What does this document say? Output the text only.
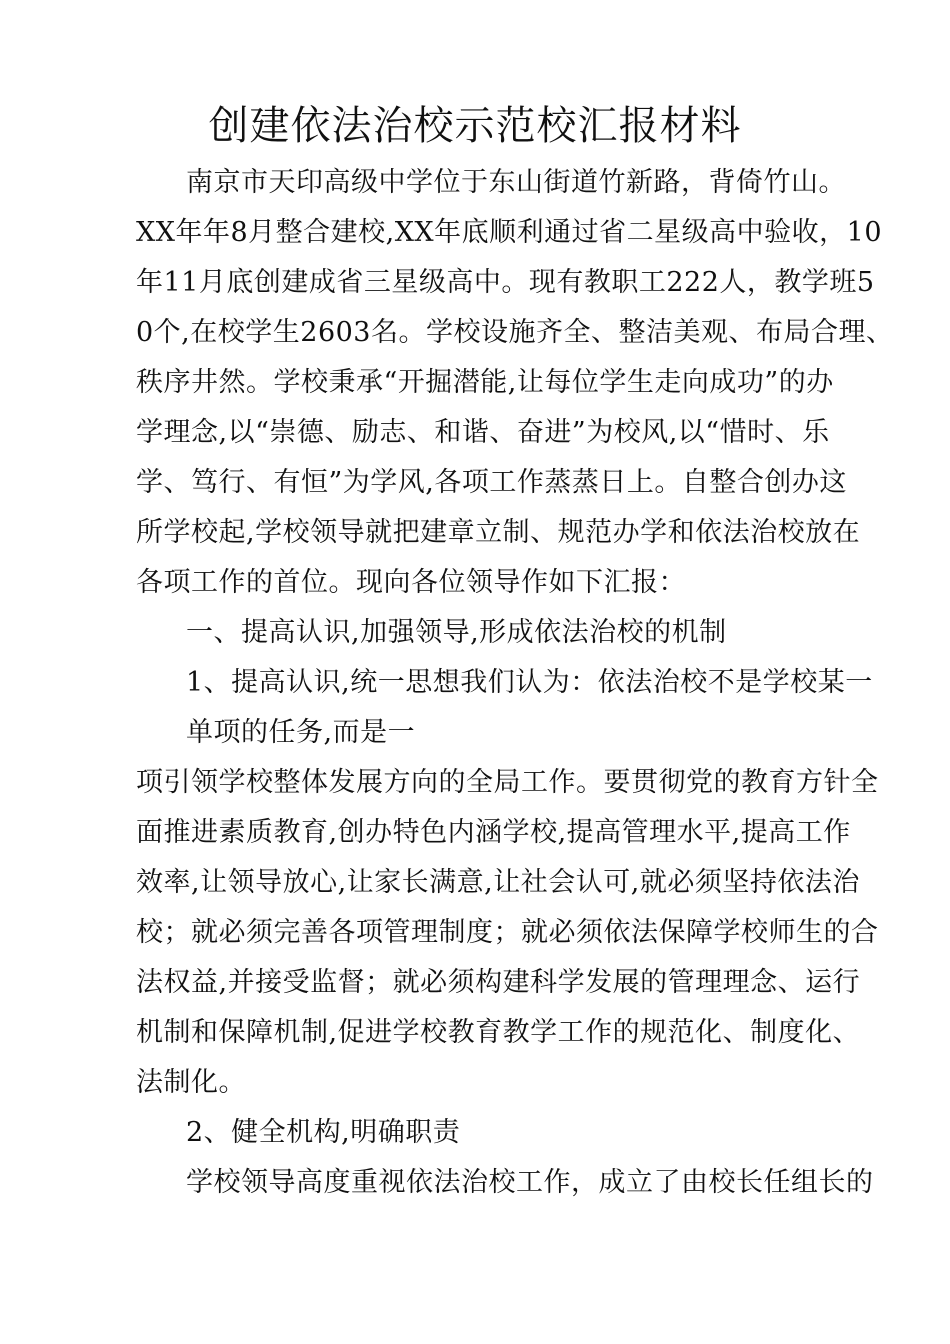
创建依法治校示范校汇报材料

南京市天印高级中学位于东山街道竹新路，背倚竹山。

XX年年8月整合建校,XX年底顺利通过省二星级高中验收，10

年11月底创建成省三星级高中。现有教职工222人，教学班5

0个,在校学生2603名。学校设施齐全、整洁美观、布局合理、

秩序井然。学校秉承“开掘潜能,让每位学生走向成功”的办

学理念,以“崇德、励志、和谐、奋进”为校风,以“惜时、乐

学、笃行、有恒”为学风,各项工作蒸蒸日上。自整合创办这

所学校起,学校领导就把建章立制、规范办学和依法治校放在

各项工作的首位。现向各位领导作如下汇报：

一、提高认识,加强领导,形成依法治校的机制

1、提高认识,统一思想我们认为：依法治校不是学校某一

单项的任务,而是一

项引领学校整体发展方向的全局工作。要贯彻党的教育方针全

面推进素质教育,创办特色内涵学校,提高管理水平,提高工作

效率,让领导放心,让家长满意,让社会认可,就必须坚持依法治

校；就必须完善各项管理制度；就必须依法保障学校师生的合

法权益,并接受监督；就必须构建科学发展的管理理念、运行

机制和保障机制,促进学校教育教学工作的规范化、制度化、

法制化。

2、健全机构,明确职责

学校领导高度重视依法治校工作，成立了由校长任组长的
